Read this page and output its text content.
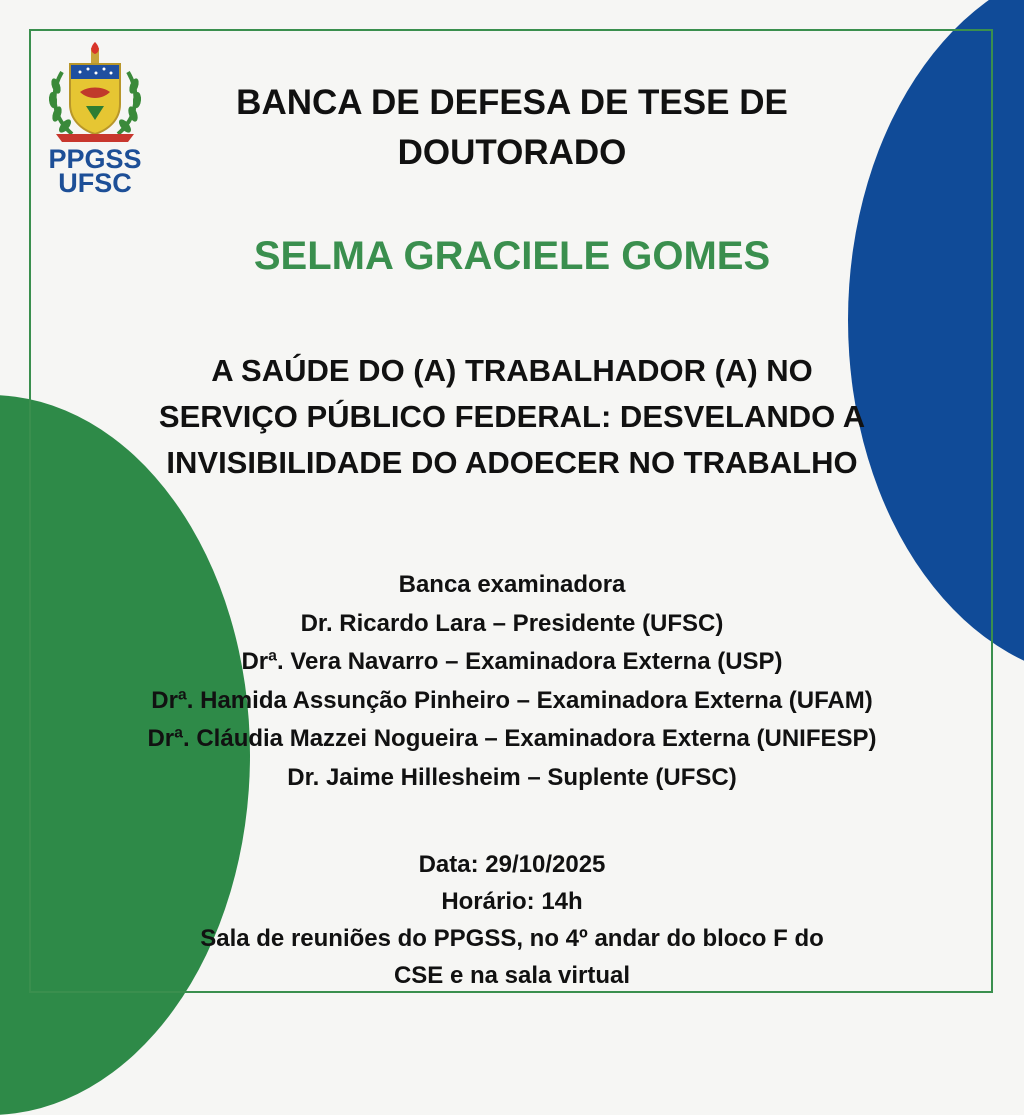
PPGSS
UFSC
BANCA DE DEFESA DE TESE DE
DOUTORADO
SELMA GRACIELE GOMES
A SAÚDE DO (A) TRABALHADOR (A) NO
SERVIÇO PÚBLICO FEDERAL: DESVELANDO A
INVISIBILIDADE DO ADOECER NO TRABALHO
Banca examinadora
Dr. Ricardo Lara – Presidente (UFSC)
Drª. Vera Navarro – Examinadora Externa (USP)
Drª. Hamida Assunção Pinheiro – Examinadora Externa (UFAM)
Drª. Cláudia Mazzei Nogueira – Examinadora Externa (UNIFESP)
Dr. Jaime Hillesheim – Suplente (UFSC)
Data: 29/10/2025
Horário: 14h
Sala de reuniões do PPGSS, no 4º andar do bloco F do
CSE e na sala virtual
